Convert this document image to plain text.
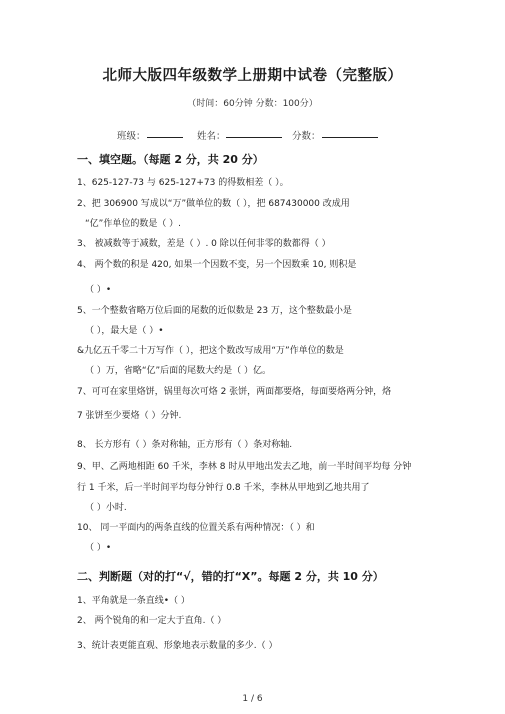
北师大版四年级数学上册期中试卷（完整版）
（时间：60分钟 分数：100分）
班级：	姓名：	分数：
一、填空题。（每题 2 分，共 20 分）
1、625-127-73 与 625-127+73 的得数相差（ ）。
2、把 306900 写成以“万”做单位的数（ ），把 687430000 改成用
“亿”作单位的数是（ ）.
3、 被减数等于减数，差是（ ）. 0 除以任何非零的数都得（ ）
4、 两个数的积是 420, 如果一个因数不变，另一个因数乘 10, 则积是
（ ）•
5、一个整数省略万位后面的尾数的近似数是 23 万，这个整数最小是
（ ），最大是（ ）•
&九亿五千零二十万写作（ ），把这个数改写成用“万”作单位的数是
（ ）万，省略“亿”后面的尾数大约是（ ）亿。
7、可可在家里烙饼，锅里每次可烙 2 张饼，两面都要烙，每面要烙两分钟，烙
7 张饼至少要烙（ ）分钟.
8、 长方形有（ ）条对称轴，正方形有（ ）条对称轴.
9、甲、乙两地相距 60 千米，李林 8 时从甲地出发去乙地，前一半时间平均每 分钟
行 1 千米，后一半时间平均每分钟行 0.8 千米，李林从甲地到乙地共用了
（ ）小时.
10、 同一平面内的两条直线的位置关系有两种情况：（ ）和
（ ）•
二、判断题（对的打“√，错的打“X”。每题 2 分，共 10 分）
1、平角就是一条直线•（ ）
2、 两个锐角的和一定大于直角.（ ）
3、统计表更能直观、形象地表示数量的多少.（ ）
1 / 6
